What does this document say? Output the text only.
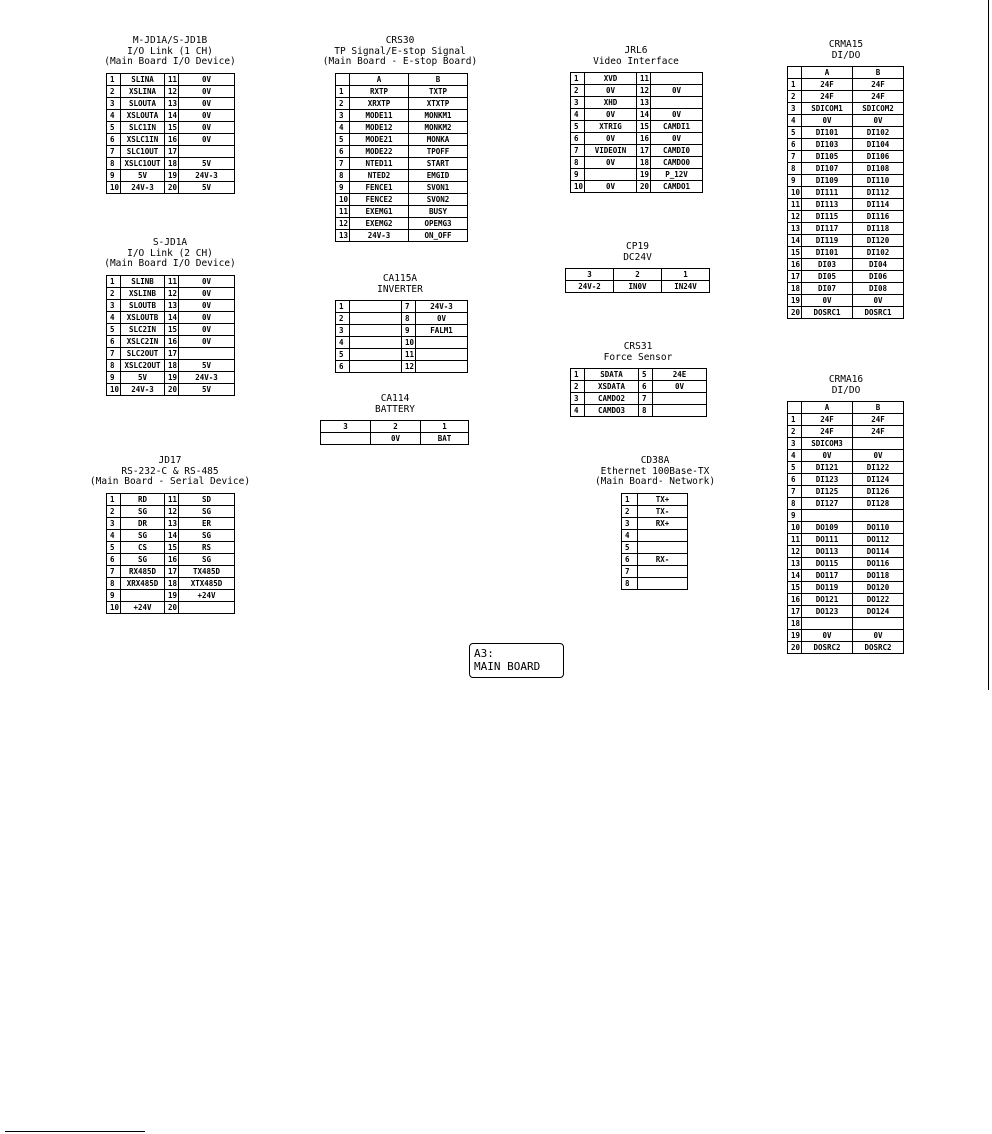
M-JD1A/S-JD1B
I/O Link (1 CH)
(Main Board I/O Device)
1	SLINA	11	0V
2	XSLINA	12	0V
3	SLOUTA	13	0V
4	XSLOUTA	14	0V
5	SLC1IN	15	0V
6	XSLC1IN	16	0V
7	SLC1OUT	17	
8	XSLC1OUT	18	5V
9	5V	19	24V-3
10	24V-3	20	5V
S-JD1A
I/O Link (2 CH)
(Main Board I/O Device)
1	SLINB	11	0V
2	XSLINB	12	0V
3	SLOUTB	13	0V
4	XSLOUTB	14	0V
5	SLC2IN	15	0V
6	XSLC2IN	16	0V
7	SLC2OUT	17	
8	XSLC2OUT	18	5V
9	5V	19	24V-3
10	24V-3	20	5V
JD17
RS-232-C & RS-485
(Main Board - Serial Device)
1	RD	11	SD
2	SG	12	SG
3	DR	13	ER
4	SG	14	SG
5	CS	15	RS
6	SG	16	SG
7	RX485D	17	TX485D
8	XRX485D	18	XTX485D
9		19	+24V
10	+24V	20	
CRS30
TP Signal/E-stop Signal
(Main Board - E-stop Board)
	A	B
1	RXTP	TXTP
2	XRXTP	XTXTP
3	MODE11	MONKM1
4	MODE12	MONKM2
5	MODE21	MONKA
6	MODE22	TPOFF
7	NTED11	START
8	NTED2	EMGID
9	FENCE1	SVON1
10	FENCE2	SVON2
11	EXEMG1	BUSY
12	EXEMG2	OPEMG3
13	24V-3	ON_OFF
CA115A
INVERTER
1		7	24V-3
2		8	0V
3		9	FALM1
4		10	
5		11	
6		12	
CA114
BATTERY
3	2	1
	0V	BAT
JRL6
Video Interface
1	XVD	11	
2	0V	12	0V
3	XHD	13	
4	0V	14	0V
5	XTRIG	15	CAMDI1
6	0V	16	0V
7	VIDEOIN	17	CAMDI0
8	0V	18	CAMDO0
9		19	P_12V
10	0V	20	CAMDO1
CP19
DC24V
3	2	1
24V-2	IN0V	IN24V
CRS31
Force Sensor
1	SDATA	5	24E
2	XSDATA	6	0V
3	CAMDO2	7	
4	CAMDO3	8	
CD38A
Ethernet 100Base-TX
(Main Board- Network)
1	TX+
2	TX-
3	RX+
4	
5	
6	RX-
7	
8	
CRMA15
DI/DO
	A	B
1	24F	24F
2	24F	24F
3	SDICOM1	SDICOM2
4	0V	0V
5	DI101	DI102
6	DI103	DI104
7	DI105	DI106
8	DI107	DI108
9	DI109	DI110
10	DI111	DI112
11	DI113	DI114
12	DI115	DI116
13	DI117	DI118
14	DI119	DI120
15	DI101	DI102
16	DI03	DI04
17	DI05	DI06
18	DI07	DI08
19	0V	0V
20	DOSRC1	DOSRC1
CRMA16
DI/DO
	A	B
1	24F	24F
2	24F	24F
3	SDICOM3	
4	0V	0V
5	DI121	DI122
6	DI123	DI124
7	DI125	DI126
8	DI127	DI128
9		
10	DO109	DO110
11	DO111	DO112
12	DO113	DO114
13	DO115	DO116
14	DO117	DO118
15	DO119	DO120
16	DO121	DO122
17	DO123	DO124
18		
19	0V	0V
20	DOSRC2	DOSRC2
A3:
MAIN BOARD
